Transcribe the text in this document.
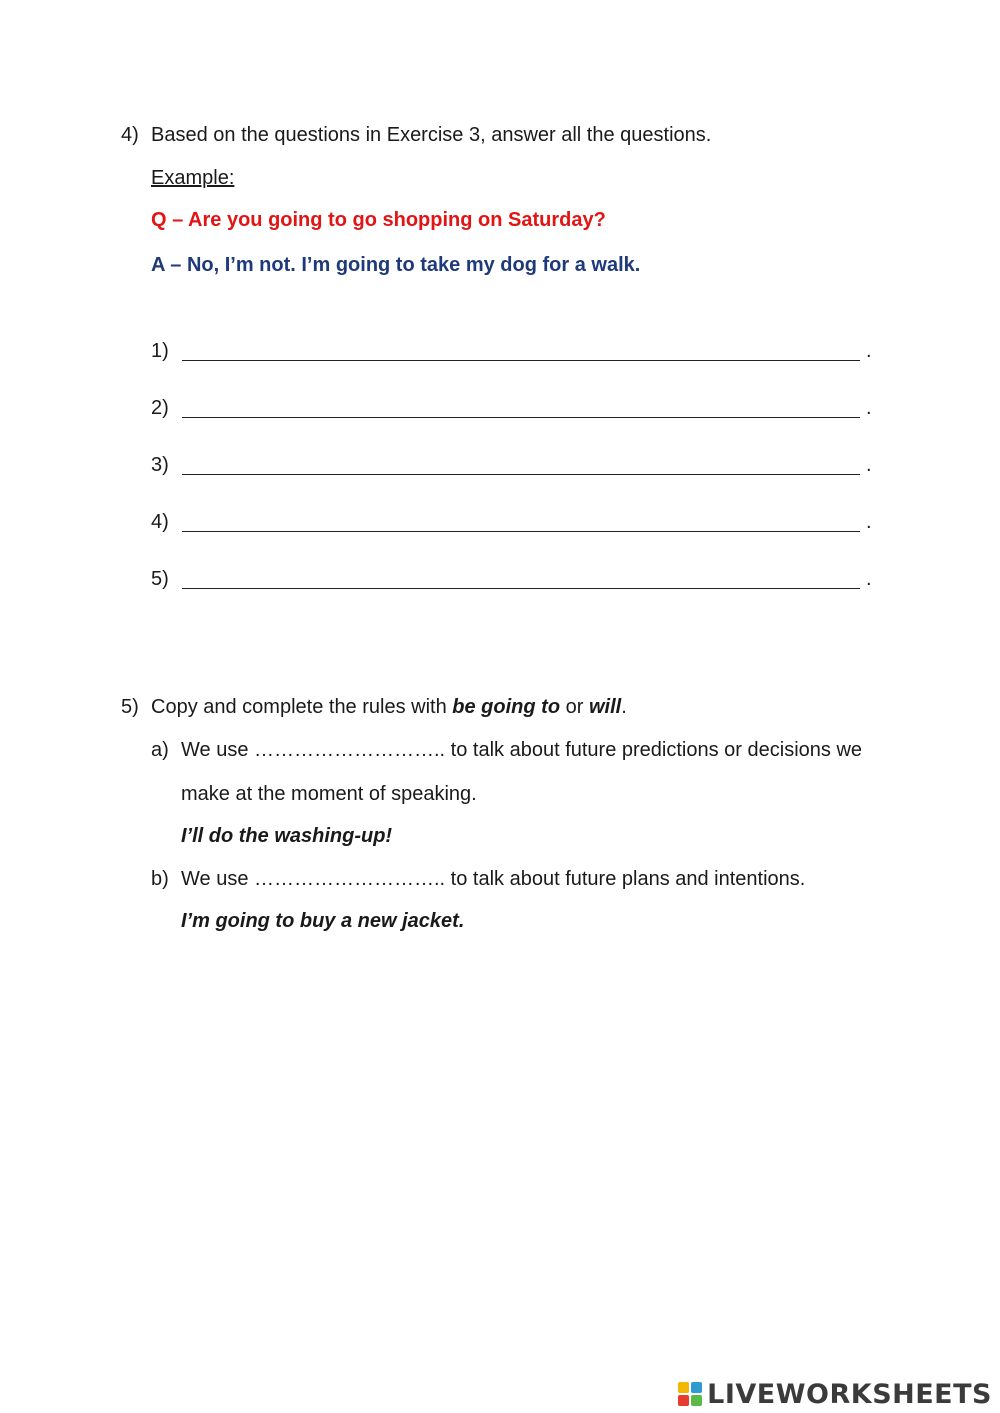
4) Based on the questions in Exercise 3, answer all the questions.
Example:
Q – Are you going to go shopping on Saturday?
A – No, I’m not. I’m going to take my dog for a walk.
1)	.
2)	.
3)	.
4)	.
5)	.
5) Copy and complete the rules with be going to or will.
a) We use ……………………….. to talk about future predictions or decisions we
make at the moment of speaking.
I’ll do the washing-up!
b) We use ……………………….. to talk about future plans and intentions.
I’m going to buy a new jacket.
LIVEWORKSHEETS
